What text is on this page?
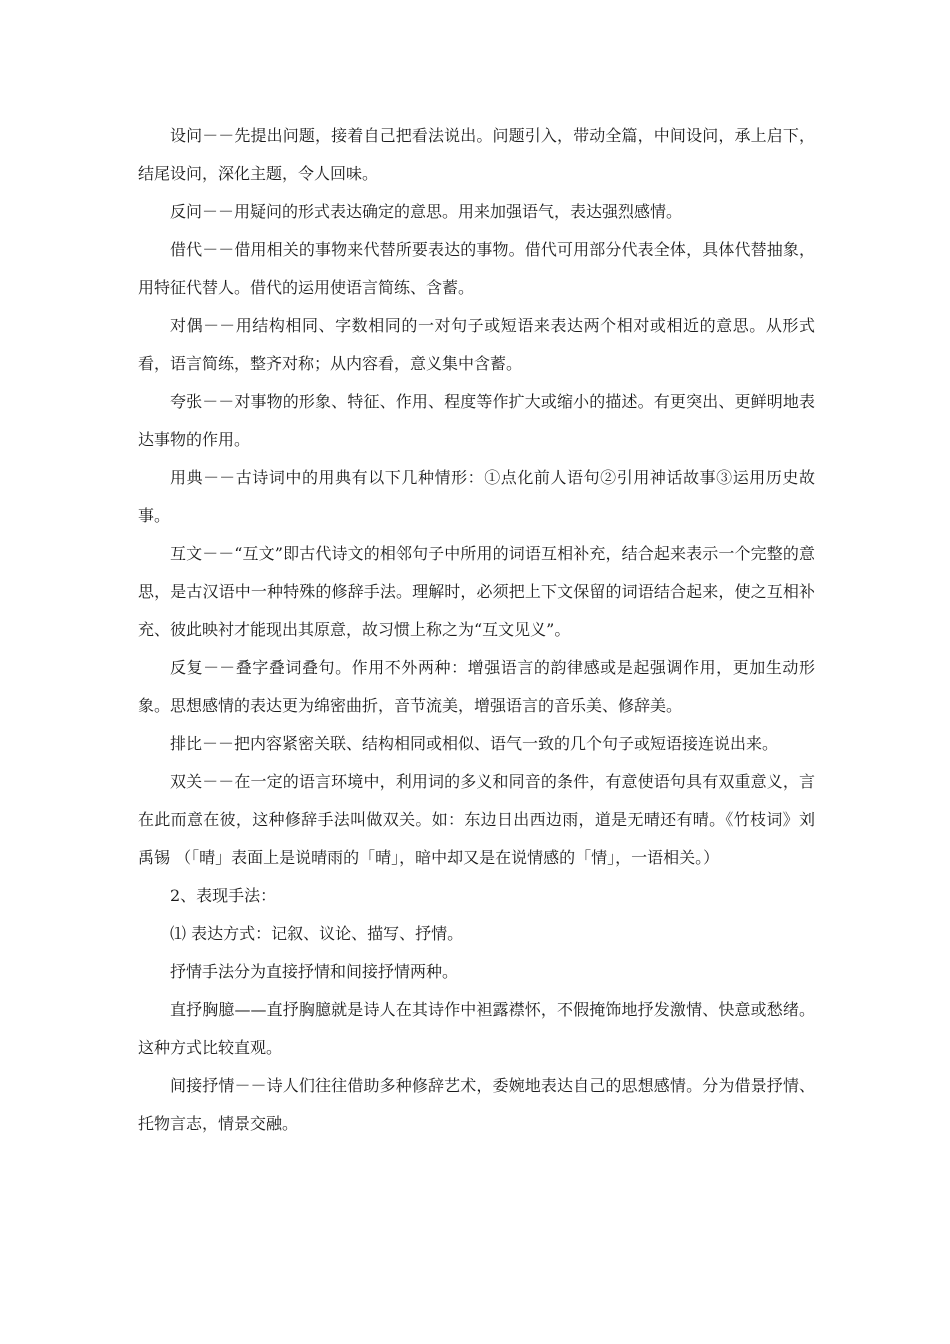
设问－－先提出问题，接着自己把看法说出。问题引入，带动全篇，中间设问，承上启下，结尾设问，深化主题，令人回味。

反问－－用疑问的形式表达确定的意思。用来加强语气，表达强烈感情。

借代－－借用相关的事物来代替所要表达的事物。借代可用部分代表全体，具体代替抽象，用特征代替人。借代的运用使语言简练、含蓄。

对偶－－用结构相同、字数相同的一对句子或短语来表达两个相对或相近的意思。从形式看，语言简练，整齐对称；从内容看，意义集中含蓄。

夸张－－对事物的形象、特征、作用、程度等作扩大或缩小的描述。有更突出、更鲜明地表达事物的作用。

用典－－古诗词中的用典有以下几种情形：①点化前人语句②引用神话故事③运用历史故事。

互文－－“互文”即古代诗文的相邻句子中所用的词语互相补充，结合起来表示一个完整的意思，是古汉语中一种特殊的修辞手法。理解时，必须把上下文保留的词语结合起来，使之互相补充、彼此映衬才能现出其原意，故习惯上称之为“互文见义”。

反复－－叠字叠词叠句。作用不外两种：增强语言的韵律感或是起强调作用，更加生动形象。思想感情的表达更为绵密曲折，音节流美，增强语言的音乐美、修辞美。

排比－－把内容紧密关联、结构相同或相似、语气一致的几个句子或短语接连说出来。

双关－－在一定的语言环境中，利用词的多义和同音的条件，有意使语句具有双重意义，言在此而意在彼，这种修辞手法叫做双关。如：东边日出西边雨，道是无晴还有晴。《竹枝词》刘禹锡 （「晴」表面上是说晴雨的「晴」，暗中却又是在说情感的「情」，一语相关。）

2、表现手法：

⑴ 表达方式：记叙、议论、描写、抒情。

抒情手法分为直接抒情和间接抒情两种。

直抒胸臆——直抒胸臆就是诗人在其诗作中袒露襟怀，不假掩饰地抒发激情、快意或愁绪。这种方式比较直观。

间接抒情－－诗人们往往借助多种修辞艺术，委婉地表达自己的思想感情。分为借景抒情、托物言志，情景交融。
